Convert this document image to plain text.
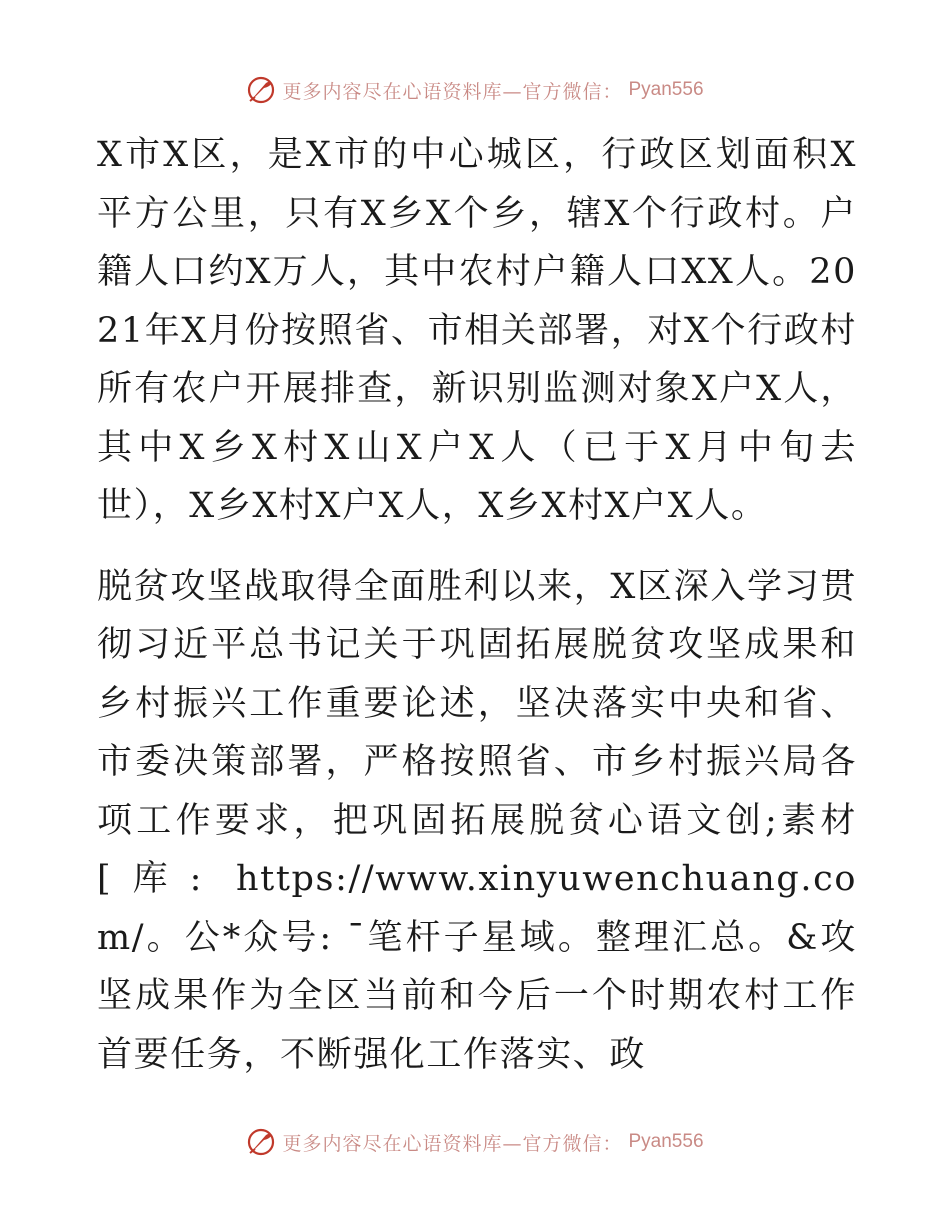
更多内容尽在心语资料库—官方微信： Pyan556

X市X区，是X市的中心城区，行政区划面积X平方公里，只有X乡X个乡，辖X个行政村。户籍人口约X万人，其中农村户籍人口XX人。2021年X月份按照省、市相关部署，对X个行政村所有农户开展排查，新识别监测对象X户X人，其中X乡X村X山X户X人（已于X月中旬去世），X乡X村X户X人，X乡X村X户X人。

脱贫攻坚战取得全面胜利以来，X区深入学习贯彻习近平总书记关于巩固拓展脱贫攻坚成果和乡村振兴工作重要论述，坚决落实中央和省、市委决策部署，严格按照省、市乡村振兴局各项工作要求，把巩固拓展脱贫心语文创;素材[库: https://www.xinyuwenchuang.com/。公*众号: ¯笔杆子星域。整理汇总。&攻坚成果作为全区当前和今后一个时期农村工作首要任务，不断强化工作落实、政

更多内容尽在心语资料库—官方微信： Pyan556
